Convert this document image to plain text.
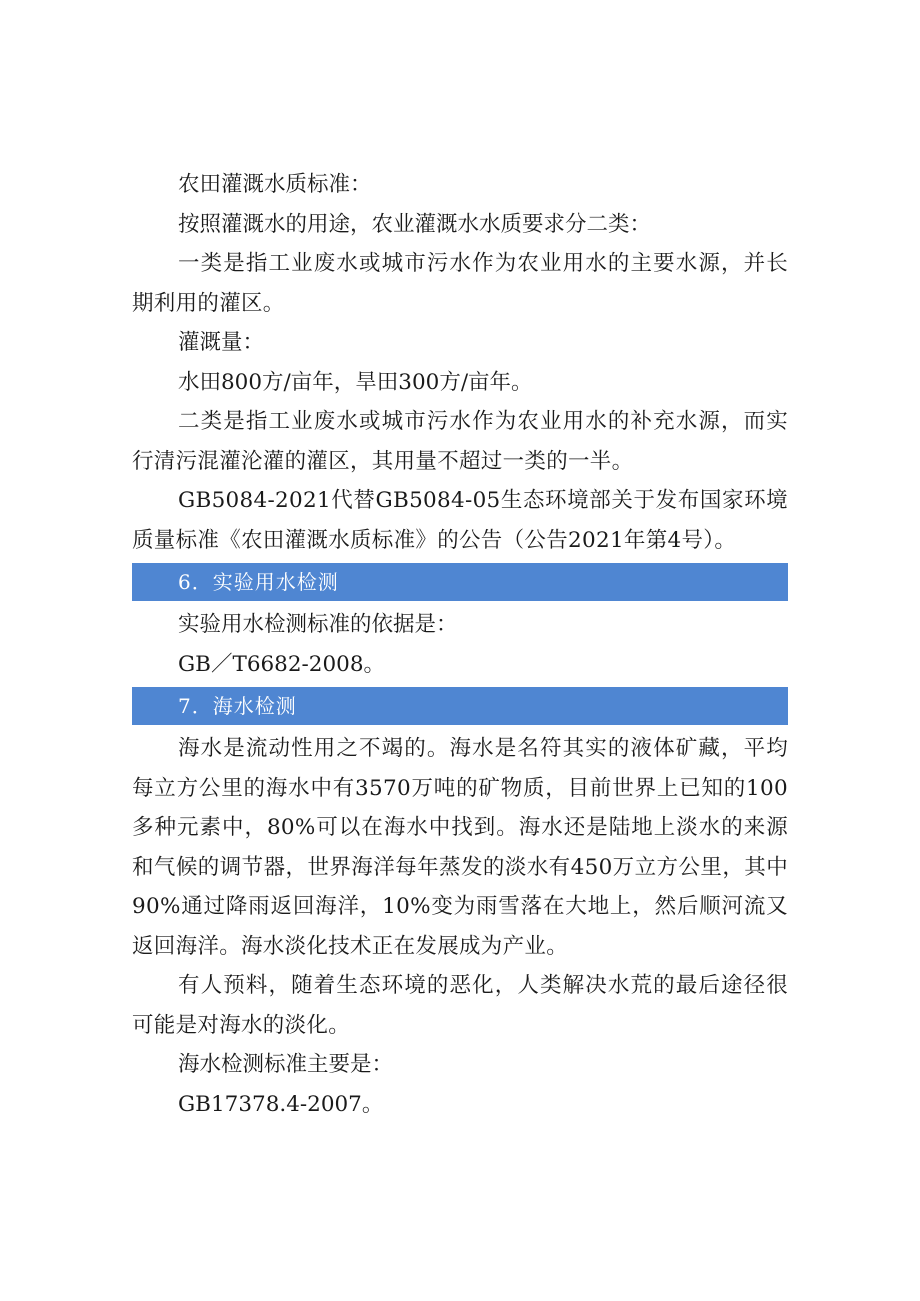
农田灌溉水质标准：

按照灌溉水的用途，农业灌溉水水质要求分二类：

一类是指工业废水或城市污水作为农业用水的主要水源，并长期利用的灌区。

灌溉量：

水田800方/亩年，旱田300方/亩年。

二类是指工业废水或城市污水作为农业用水的补充水源，而实行清污混灌沦灌的灌区，其用量不超过一类的一半。

GB5084-2021代替GB5084-05生态环境部关于发布国家环境质量标准《农田灌溉水质标准》的公告（公告2021年第4号）。

6．实验用水检测

实验用水检测标准的依据是：

GB／T6682-2008。

7．海水检测

海水是流动性用之不竭的。海水是名符其实的液体矿藏，平均每立方公里的海水中有3570万吨的矿物质，目前世界上已知的100多种元素中，80%可以在海水中找到。海水还是陆地上淡水的来源和气候的调节器，世界海洋每年蒸发的淡水有450万立方公里，其中90%通过降雨返回海洋，10%变为雨雪落在大地上，然后顺河流又返回海洋。海水淡化技术正在发展成为产业。

有人预料，随着生态环境的恶化，人类解决水荒的最后途径很可能是对海水的淡化。

海水检测标准主要是：

GB17378.4-2007。
